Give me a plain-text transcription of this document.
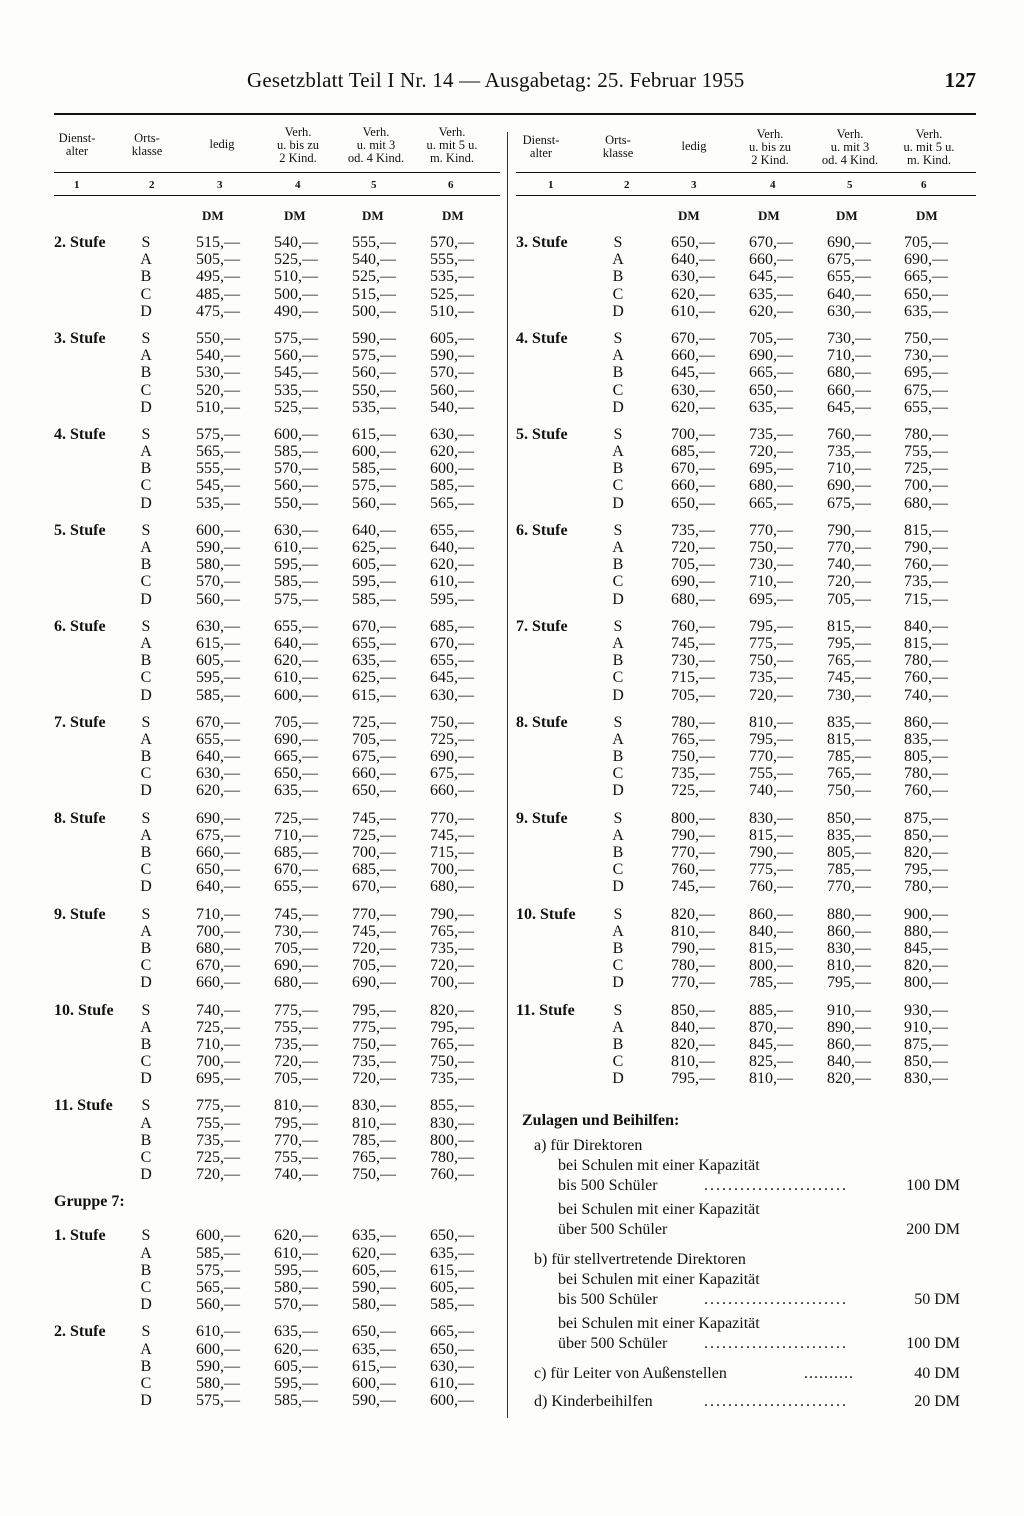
Gesetzblatt Teil I Nr. 14 — Ausgabetag: 25. Februar 1955	127
Dienst-
alter
Orts-
klasse	ledig
Verh.
u. bis zu
2 Kind.
Verh.
u. mit 3
od. 4 Kind.
Verh.
u. mit 5 u.
m. Kind.
1	2	3	4	5	6
DM	DM	DM	DM
2. Stufe	S	515,—	540,—	555,—	570,—
A	505,—	525,—	540,—	555,—
B	495,—	510,—	525,—	535,—
C	485,—	500,—	515,—	525,—
D	475,—	490,—	500,—	510,—
3. Stufe	S	550,—	575,—	590,—	605,—
A	540,—	560,—	575,—	590,—
B	530,—	545,—	560,—	570,—
C	520,—	535,—	550,—	560,—
D	510,—	525,—	535,—	540,—
4. Stufe	S	575,—	600,—	615,—	630,—
A	565,—	585,—	600,—	620,—
B	555,—	570,—	585,—	600,—
C	545,—	560,—	575,—	585,—
D	535,—	550,—	560,—	565,—
5. Stufe	S	600,—	630,—	640,—	655,—
A	590,—	610,—	625,—	640,—
B	580,—	595,—	605,—	620,—
C	570,—	585,—	595,—	610,—
D	560,—	575,—	585,—	595,—
6. Stufe	S	630,—	655,—	670,—	685,—
A	615,—	640,—	655,—	670,—
B	605,—	620,—	635,—	655,—
C	595,—	610,—	625,—	645,—
D	585,—	600,—	615,—	630,—
7. Stufe	S	670,—	705,—	725,—	750,—
A	655,—	690,—	705,—	725,—
B	640,—	665,—	675,—	690,—
C	630,—	650,—	660,—	675,—
D	620,—	635,—	650,—	660,—
8. Stufe	S	690,—	725,—	745,—	770,—
A	675,—	710,—	725,—	745,—
B	660,—	685,—	700,—	715,—
C	650,—	670,—	685,—	700,—
D	640,—	655,—	670,—	680,—
9. Stufe	S	710,—	745,—	770,—	790,—
A	700,—	730,—	745,—	765,—
B	680,—	705,—	720,—	735,—
C	670,—	690,—	705,—	720,—
D	660,—	680,—	690,—	700,—
10. Stufe	S	740,—	775,—	795,—	820,—
A	725,—	755,—	775,—	795,—
B	710,—	735,—	750,—	765,—
C	700,—	720,—	735,—	750,—
D	695,—	705,—	720,—	735,—
11. Stufe	S	775,—	810,—	830,—	855,—
A	755,—	795,—	810,—	830,—
B	735,—	770,—	785,—	800,—
C	725,—	755,—	765,—	780,—
D	720,—	740,—	750,—	760,—
Gruppe 7:
1. Stufe	S	600,—	620,—	635,—	650,—
A	585,—	610,—	620,—	635,—
B	575,—	595,—	605,—	615,—
C	565,—	580,—	590,—	605,—
D	560,—	570,—	580,—	585,—
2. Stufe	S	610,—	635,—	650,—	665,—
A	600,—	620,—	635,—	650,—
B	590,—	605,—	615,—	630,—
C	580,—	595,—	600,—	610,—
D	575,—	585,—	590,—	600,—
Dienst-
alter
Orts-
klasse	ledig
Verh.
u. bis zu
2 Kind.
Verh.
u. mit 3
od. 4 Kind.
Verh.
u. mit 5 u.
m. Kind.
1	2	3	4	5	6
DM	DM	DM	DM
3. Stufe	S	650,—	670,—	690,—	705,—
A	640,—	660,—	675,—	690,—
B	630,—	645,—	655,—	665,—
C	620,—	635,—	640,—	650,—
D	610,—	620,—	630,—	635,—
4. Stufe	S	670,—	705,—	730,—	750,—
A	660,—	690,—	710,—	730,—
B	645,—	665,—	680,—	695,—
C	630,—	650,—	660,—	675,—
D	620,—	635,—	645,—	655,—
5. Stufe	S	700,—	735,—	760,—	780,—
A	685,—	720,—	735,—	755,—
B	670,—	695,—	710,—	725,—
C	660,—	680,—	690,—	700,—
D	650,—	665,—	675,—	680,—
6. Stufe	S	735,—	770,—	790,—	815,—
A	720,—	750,—	770,—	790,—
B	705,—	730,—	740,—	760,—
C	690,—	710,—	720,—	735,—
D	680,—	695,—	705,—	715,—
7. Stufe	S	760,—	795,—	815,—	840,—
A	745,—	775,—	795,—	815,—
B	730,—	750,—	765,—	780,—
C	715,—	735,—	745,—	760,—
D	705,—	720,—	730,—	740,—
8. Stufe	S	780,—	810,—	835,—	860,—
A	765,—	795,—	815,—	835,—
B	750,—	770,—	785,—	805,—
C	735,—	755,—	765,—	780,—
D	725,—	740,—	750,—	760,—
9. Stufe	S	800,—	830,—	850,—	875,—
A	790,—	815,—	835,—	850,—
B	770,—	790,—	805,—	820,—
C	760,—	775,—	785,—	795,—
D	745,—	760,—	770,—	780,—
10. Stufe	S	820,—	860,—	880,—	900,—
A	810,—	840,—	860,—	880,—
B	790,—	815,—	830,—	845,—
C	780,—	800,—	810,—	820,—
D	770,—	785,—	795,—	800,—
11. Stufe	S	850,—	885,—	910,—	930,—
A	840,—	870,—	890,—	910,—
B	820,—	845,—	860,—	875,—
C	810,—	825,—	840,—	850,—
D	795,—	810,—	820,—	830,—
Zulagen und Beihilfen:
a) für Direktoren
bei Schulen mit einer Kapazität
bis 500 Schüler	........................	100 DM
bei Schulen mit einer Kapazität
über 500 Schüler	200 DM
b) für stellvertretende Direktoren
bei Schulen mit einer Kapazität
bis 500 Schüler	........................	50 DM
bei Schulen mit einer Kapazität
über 500 Schüler ........................	100 DM
c) für Leiter von Außenstellen	..........	40 DM
d) Kinderbeihilfen	........................	20 DM
